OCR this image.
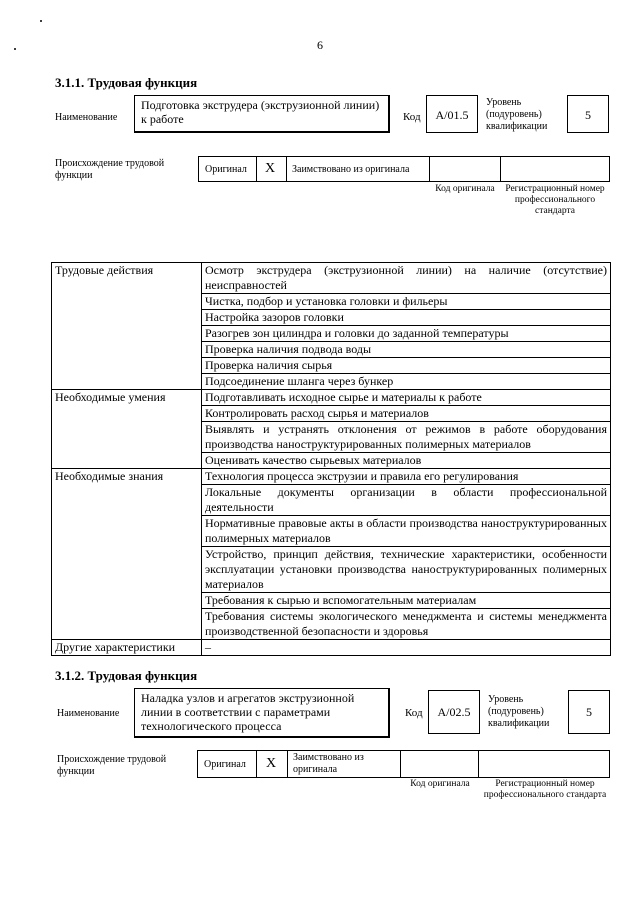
6
3.1.1. Трудовая функция
Наименование
Подготовка экструдера (экструзионной линии) к работе	Код	A/01.5
Уровень (подуровень) квалификации
5
Происхождение трудовой функции
Оригинал X Заимствовано из оригинала
Код оригинала	Регистрационный номер профессионального стандарта
Трудовые действия	Осмотр экструдера (экструзионной линии) на наличие (отсутствие) неисправностей
	Чистка, подбор и установка головки и фильеры
	Настройка зазоров головки
	Разогрев зон цилиндра и головки до заданной температуры
	Проверка наличия подвода воды
	Проверка наличия сырья
	Подсоединение шланга через бункер
Необходимые умения	Подготавливать исходное сырье и материалы к работе
	Контролировать расход сырья и материалов
	Выявлять и устранять отклонения от режимов в работе оборудования производства наноструктурированных полимерных материалов
	Оценивать качество сырьевых материалов
Необходимые знания	Технология процесса экструзии и правила его регулирования
	Локальные документы организации в области профессиональной деятельности
	Нормативные правовые акты в области производства наноструктурированных полимерных материалов
	Устройство, принцип действия, технические характеристики, особенности эксплуатации установки производства наноструктурированных полимерных материалов
	Требования к сырью и вспомогательным материалам
	Требования системы экологического менеджмента и системы менеджмента производственной безопасности и здоровья
Другие характеристики	–
3.1.2. Трудовая функция
Наименование
Наладка узлов и агрегатов экструзионной линии в соответствии с параметрами технологического процесса
Код	A/02.5
Уровень (подуровень) квалификации
5
Происхождение трудовой функции
Оригинал X Заимствовано из оригинала
Код оригинала	Регистрационный номер профессионального стандарта
